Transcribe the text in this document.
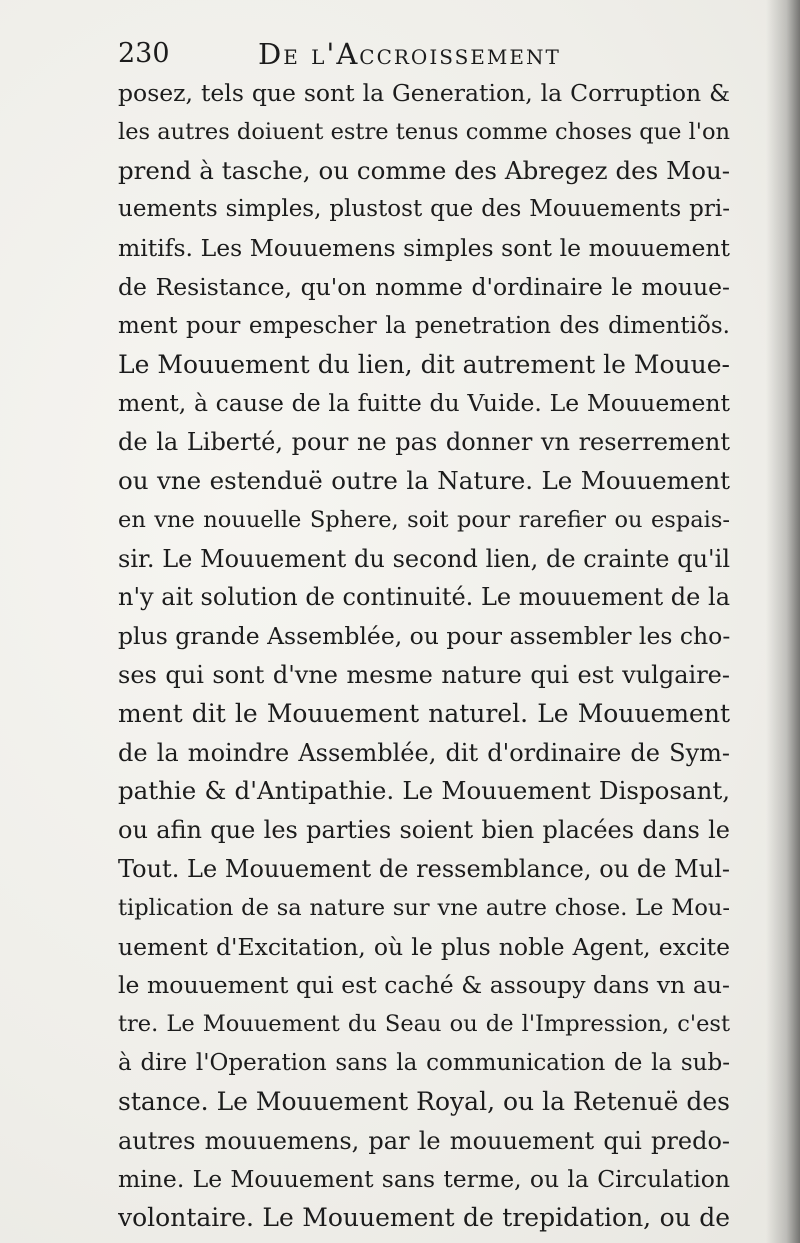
230	De l'Accroissement
posez, tels que sont la Generation, la Corruption &
les autres doiuent estre tenus comme choses que l'on
prend à tasche, ou comme des Abregez des Mou-
uements simples, plustost que des Mouuements pri-
mitifs. Les Mouuemens simples sont le mouuement
de Resistance, qu'on nomme d'ordinaire le mouue-
ment pour empescher la penetration des dimentiõs.
Le Mouuement du lien, dit autrement le Mouue-
ment, à cause de la fuitte du Vuide. Le Mouuement
de la Liberté, pour ne pas donner vn reserrement
ou vne estenduë outre la Nature. Le Mouuement
en vne nouuelle Sphere, soit pour rarefier ou espais-
sir. Le Mouuement du second lien, de crainte qu'il
n'y ait solution de continuité. Le mouuement de la
plus grande Assemblée, ou pour assembler les cho-
ses qui sont d'vne mesme nature qui est vulgaire-
ment dit le Mouuement naturel. Le Mouuement
de la moindre Assemblée, dit d'ordinaire de Sym-
pathie & d'Antipathie. Le Mouuement Disposant,
ou afin que les parties soient bien placées dans le
Tout. Le Mouuement de ressemblance, ou de Mul-
tiplication de sa nature sur vne autre chose. Le Mou-
uement d'Excitation, où le plus noble Agent, excite
le mouuement qui est caché & assoupy dans vn au-
tre. Le Mouuement du Seau ou de l'Impression, c'est
à dire l'Operation sans la communication de la sub-
stance. Le Mouuement Royal, ou la Retenuë des
autres mouuemens, par le mouuement qui predo-
mine. Le Mouuement sans terme, ou la Circulation
volontaire. Le Mouuement de trepidation, ou de
